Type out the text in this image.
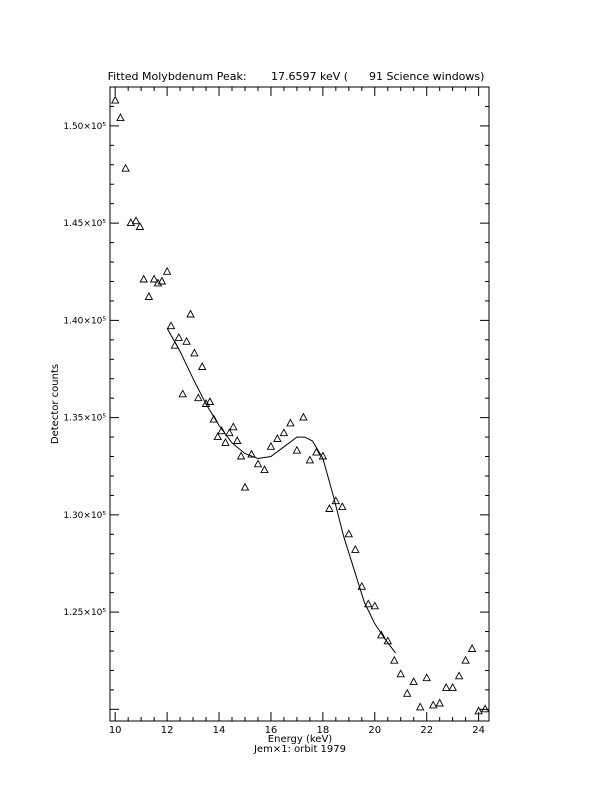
Fitted Molybdenum Peak:       17.6597 keV (      91 Science windows)
10	12	14	16	18	20	22	24
1.25×10⁵
1.30×10⁵
1.35×10⁵
1.40×10⁵
1.45×10⁵
1.50×10⁵
Energy (keV)
Jem×1: orbit 1979
Detector counts
